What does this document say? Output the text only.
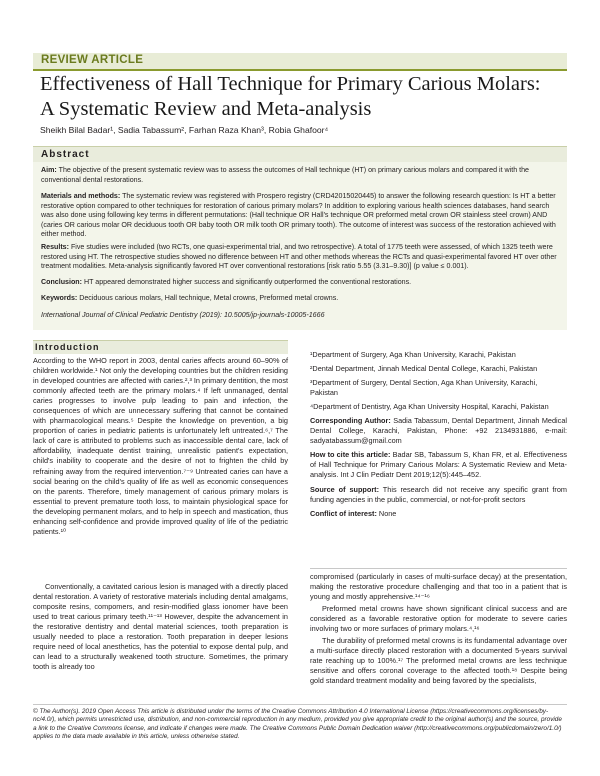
REVIEW ARTICLE
Effectiveness of Hall Technique for Primary Carious Molars:
A Systematic Review and Meta-analysis
Sheikh Bilal Badar¹, Sadia Tabassum², Farhan Raza Khan³, Robia Ghafoor⁴
Abstract

Aim: The objective of the present systematic review was to assess the outcomes of Hall technique (HT) on primary carious molars and compared it with the conventional dental restorations.

Materials and methods: The systematic review was registered with Prospero registry (CRD42015020445) to answer the following research question: Is HT a better restorative option compared to other techniques for restoration of carious primary molars? In addition to exploring various health sciences databases, hand search was also done using following key terms in different permutations: (Hall technique OR Hall's technique OR preformed metal crown OR stainless steel crown) AND (caries OR carious molar OR deciduous tooth OR baby tooth OR milk tooth OR primary tooth). The outcome of interest was success of the restoration achieved with either method.

Results: Five studies were included (two RCTs, one quasi-experimental trial, and two retrospective). A total of 1775 teeth were assessed, of which 1325 teeth were restored using HT. The retrospective studies showed no difference between HT and other methods whereas the RCTs and quasi-experimental favored HT over other treatment modalities. Meta-analysis significantly favored HT over conventional restorations [risk ratio 5.55 (3.31–9.30)] (p value ≤ 0.001).

Conclusion: HT appeared demonstrated higher success and significantly outperformed the conventional restorations.

Keywords: Deciduous carious molars, Hall technique, Metal crowns, Preformed metal crowns.

International Journal of Clinical Pediatric Dentistry (2019): 10.5005/jp-journals-10005-1666

Introduction

According to the WHO report in 2003, dental caries affects around 60–90% of children worldwide.¹ Not only the developing countries but the children residing in developed countries are affected with caries.²,³ In primary dentition, the most commonly affected teeth are the primary molars.⁴ If left unmanaged, dental caries progresses to involve pulp leading to pain and infection, the consequences of which are unnecessary suffering that cannot be contained with pharmacological means.⁵ Despite the knowledge on prevention, a big proportion of caries in pediatric patients is unfortunately left untreated.⁶,⁷ The lack of care is attributed to problems such as inaccessible dental care, lack of affordability, inadequate dentist training, unrealistic patient's expectation, child's inability to cooperate and the desire of not to frighten the child by refraining away from the required intervention.⁷⁻⁹ Untreated caries can have a social bearing on the child's quality of life as well as economic consequences on the parents. Therefore, timely management of carious primary molars is essential to prevent premature tooth loss, to maintain physiological space for the developing permanent molars, and to help in speech and mastication, thus enhancing self-confidence and provide improved quality of life of the pediatric patients.¹⁰

Conventionally, a cavitated carious lesion is managed with a directly placed dental restoration. A variety of restorative materials including dental amalgams, composite resins, compomers, and resin-modified glass ionomer have been used to treat carious primary teeth.¹¹⁻¹³ However, despite the advancement in the restorative dentistry and dental material sciences, tooth preparation is usually needed to place a restoration. Tooth preparation in deeper lesions require need of local anesthetics, has the potential to expose dental pulp, and can lead to a structurally weakened tooth structure. Sometimes, the primary tooth is already too

¹Department of Surgery, Aga Khan University, Karachi, Pakistan

²Dental Department, Jinnah Medical Dental College, Karachi, Pakistan

³Department of Surgery, Dental Section, Aga Khan University, Karachi, Pakistan

⁴Department of Dentistry, Aga Khan University Hospital, Karachi, Pakistan

Corresponding Author: Sadia Tabassum, Dental Department, Jinnah Medical Dental College, Karachi, Pakistan, Phone: +92 2134931886, e-mail: sadyatabassum@gmail.com

How to cite this article: Badar SB, Tabassum S, Khan FR, et al. Effectiveness of Hall Technique for Primary Carious Molars: A Systematic Review and Meta-analysis. Int J Clin Pediatr Dent 2019;12(5):445–452.

Source of support: This research did not receive any specific grant from funding agencies in the public, commercial, or not-for-profit sectors

Conflict of interest: None

compromised (particularly in cases of multi-surface decay) at the presentation, making the restorative procedure challenging and that too in a patient that is young and mostly apprehensive.¹⁴⁻¹⁶

Preformed metal crowns have shown significant clinical success and are considered as a favorable restorative option for moderate to severe caries involving two or more surfaces of primary molars.⁴,¹⁶

The durability of preformed metal crowns is its fundamental advantage over a multi-surface directly placed restoration with a documented 5-years survival rate reaching up to 100%.¹⁷ The preformed metal crowns are less technique sensitive and offers coronal coverage to the affected tooth.¹⁸ Despite being gold standard treatment modality and being favored by the specialists,

© The Author(s). 2019 Open Access This article is distributed under the terms of the Creative Commons Attribution 4.0 International License (https://creativecommons.org/licenses/by-nc/4.0/), which permits unrestricted use, distribution, and non-commercial reproduction in any medium, provided you give appropriate credit to the original author(s) and the source, provide a link to the Creative Commons license, and indicate if changes were made. The Creative Commons Public Domain Dedication waiver (http://creativecommons.org/publicdomain/zero/1.0/) applies to the data made available in this article, unless otherwise stated.
